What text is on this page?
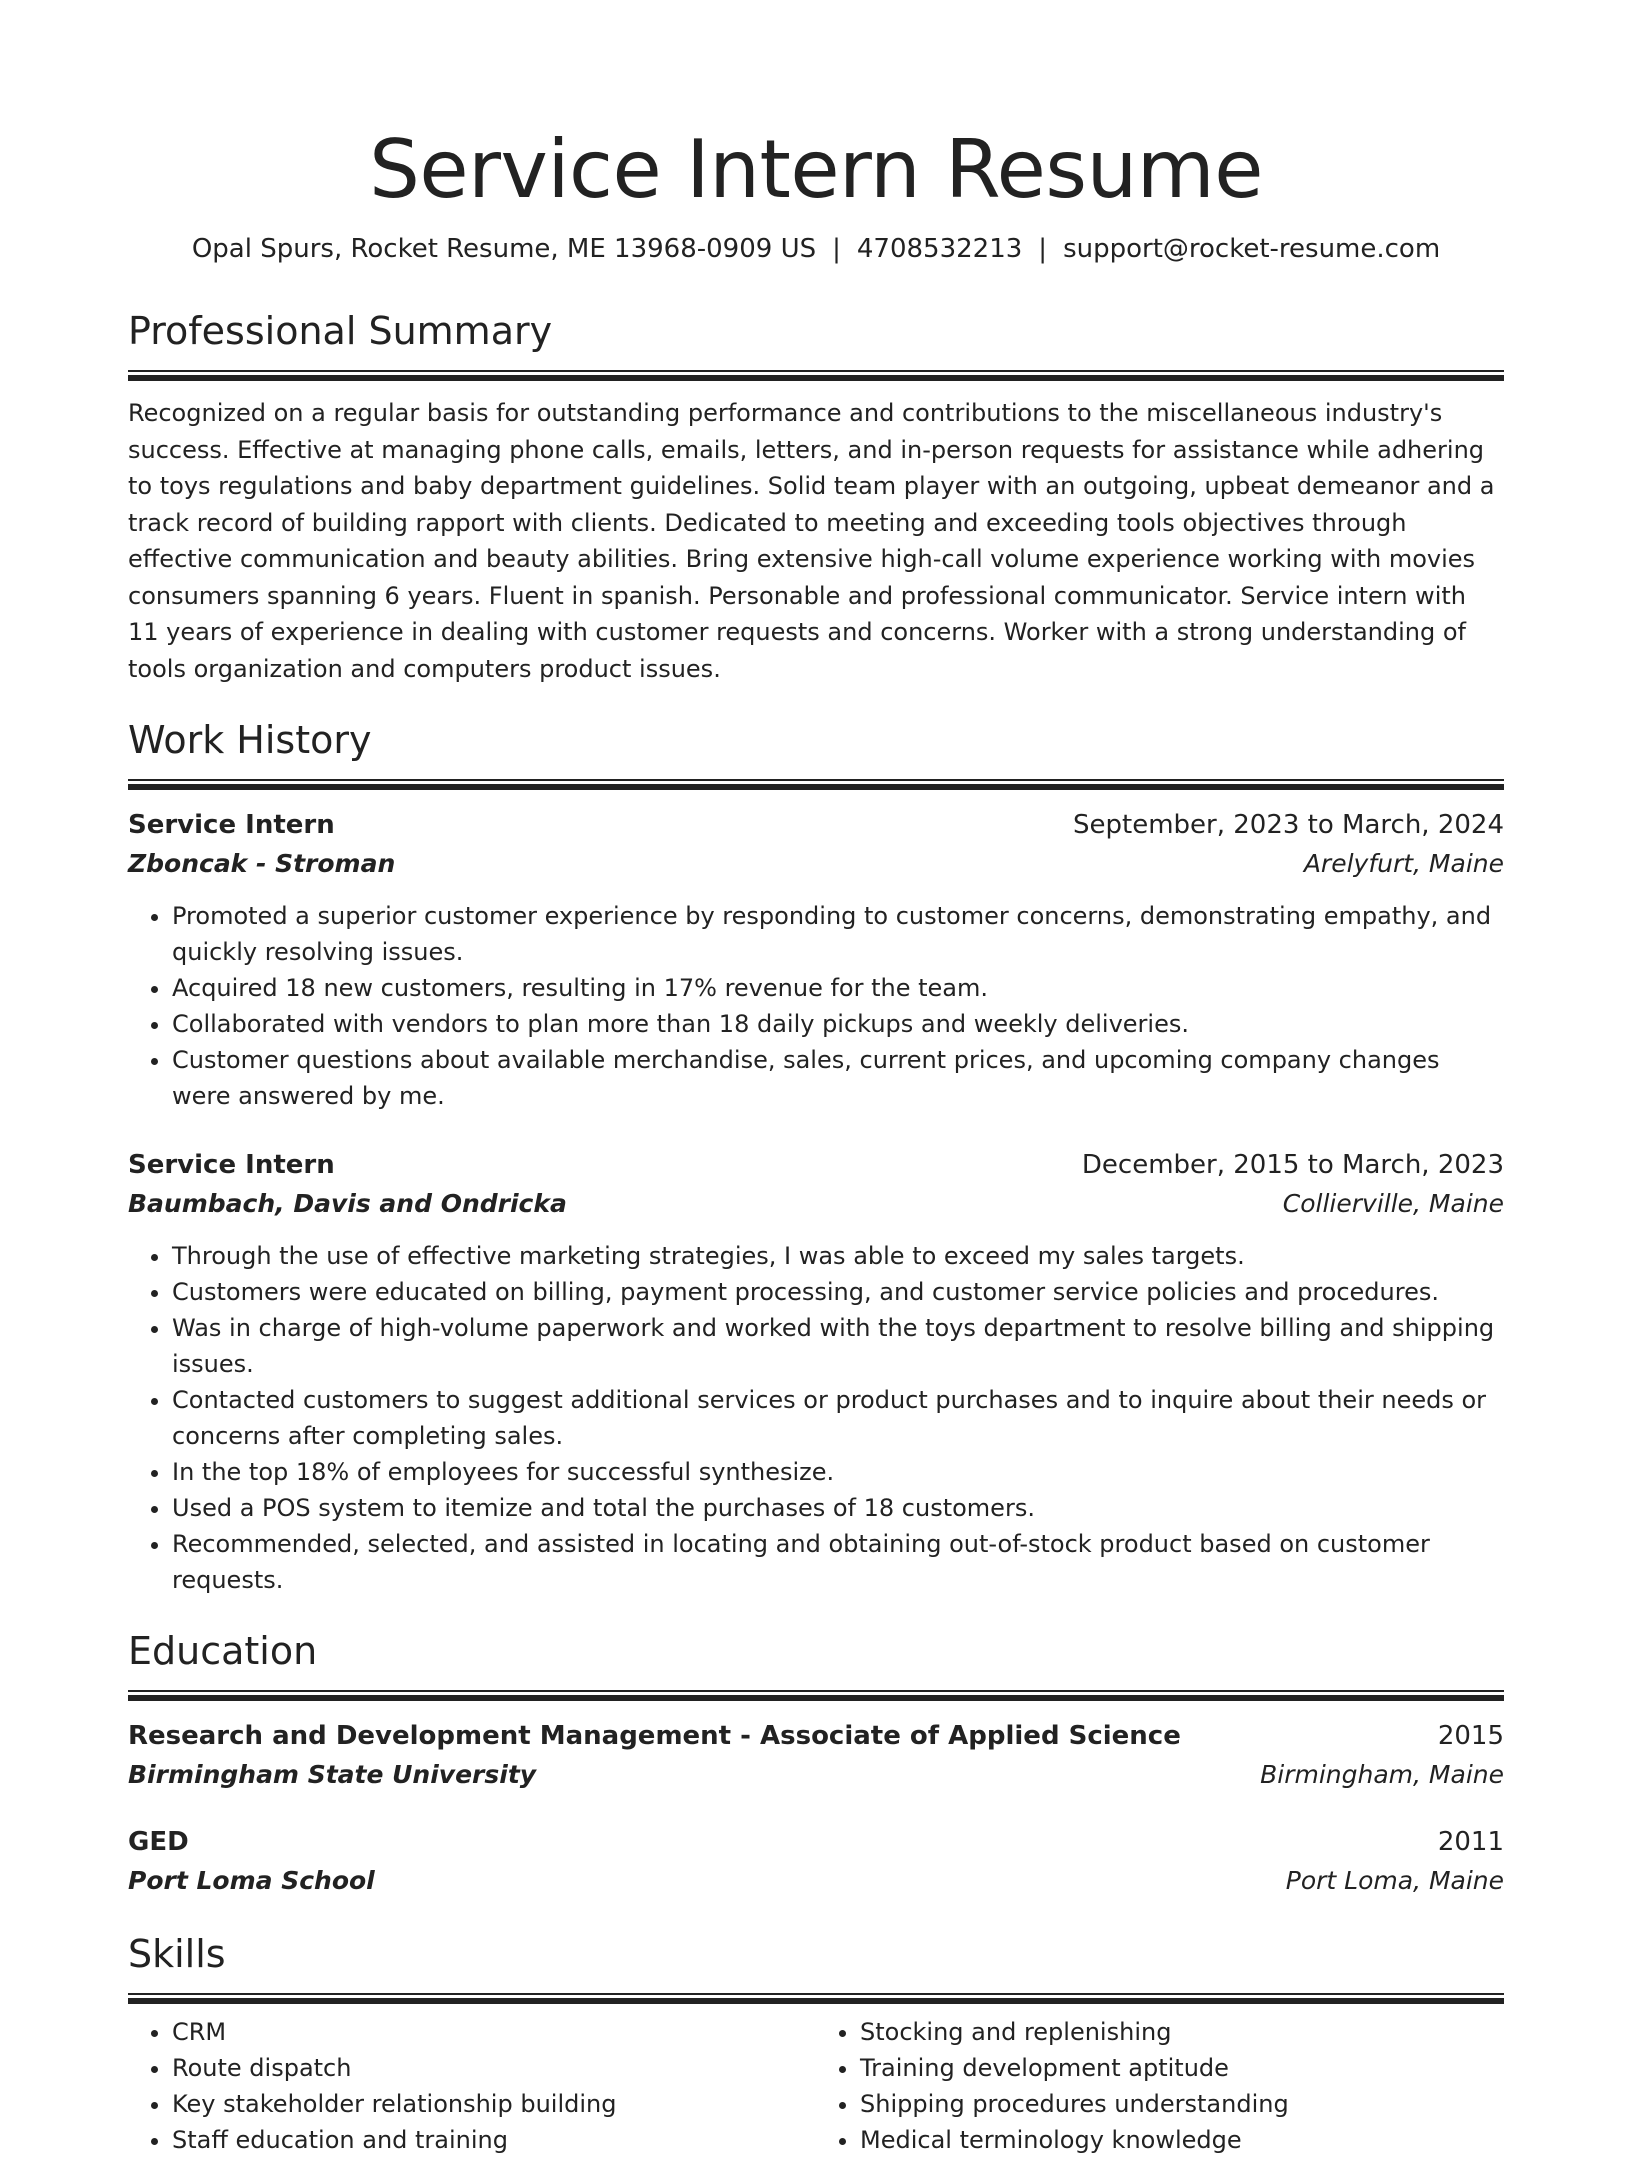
Service Intern Resume
Opal Spurs, Rocket Resume, ME 13968-0909 US | 4708532213 | support@rocket-resume.com
Professional Summary
Recognized on a regular basis for outstanding performance and contributions to the miscellaneous industry's success. Effective at managing phone calls, emails, letters, and in-person requests for assistance while adhering to toys regulations and baby department guidelines. Solid team player with an outgoing, upbeat demeanor and a track record of building rapport with clients. Dedicated to meeting and exceeding tools objectives through effective communication and beauty abilities. Bring extensive high-call volume experience working with movies consumers spanning 6 years. Fluent in spanish. Personable and professional communicator. Service intern with 11 years of experience in dealing with customer requests and concerns. Worker with a strong understanding of tools organization and computers product issues.
Work History
Service Intern	September, 2023 to March, 2024
Zboncak - Stroman	Arelyfurt, Maine
• Promoted a superior customer experience by responding to customer concerns, demonstrating empathy, and quickly resolving issues.
• Acquired 18 new customers, resulting in 17% revenue for the team.
• Collaborated with vendors to plan more than 18 daily pickups and weekly deliveries.
• Customer questions about available merchandise, sales, current prices, and upcoming company changes were answered by me.
Service Intern	December, 2015 to March, 2023
Baumbach, Davis and Ondricka	Collierville, Maine
• Through the use of effective marketing strategies, I was able to exceed my sales targets.
• Customers were educated on billing, payment processing, and customer service policies and procedures.
• Was in charge of high-volume paperwork and worked with the toys department to resolve billing and shipping issues.
• Contacted customers to suggest additional services or product purchases and to inquire about their needs or concerns after completing sales.
• In the top 18% of employees for successful synthesize.
• Used a POS system to itemize and total the purchases of 18 customers.
• Recommended, selected, and assisted in locating and obtaining out-of-stock product based on customer requests.
Education
Research and Development Management - Associate of Applied Science	2015
Birmingham State University	Birmingham, Maine
GED	2011
Port Loma School	Port Loma, Maine
Skills
• CRM
• Route dispatch
• Key stakeholder relationship building
• Staff education and training
• Stocking and replenishing
• Training development aptitude
• Shipping procedures understanding
• Medical terminology knowledge
